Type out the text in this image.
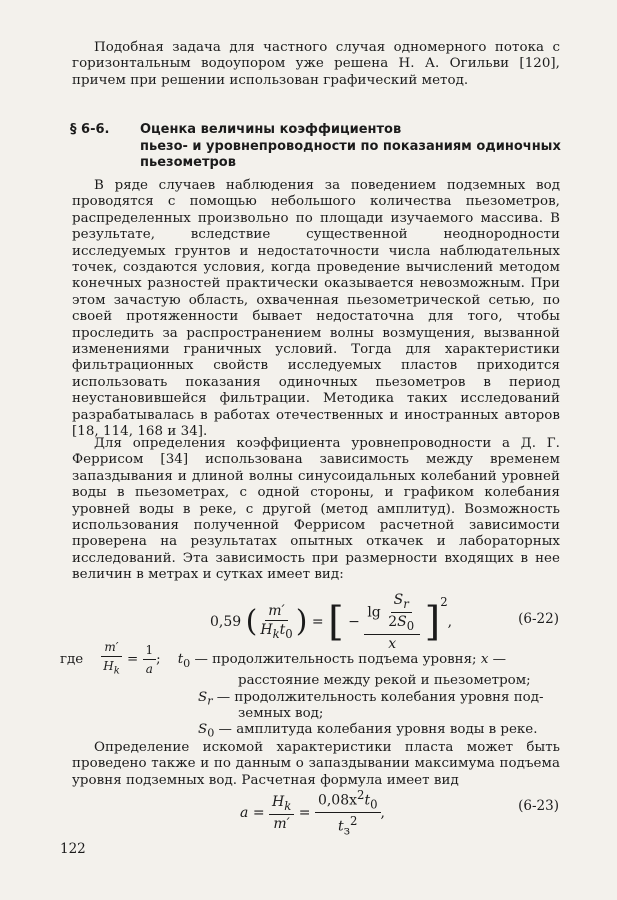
Подобная задача для частного случая одномерного потока с горизонтальным водоупором уже решена Н. А. Огильви [120], причем при решении использован графический метод.

§ 6-6. Оценка величины коэффициентов
пьезо- и уровнепроводности по показаниям одиночных
пьезометров

В ряде случаев наблюдения за поведением подземных вод проводятся с помощью небольшого количества пьезометров, распределенных произвольно по площади изучаемого массива. В результате, вследствие существенной неоднородности исследуемых грунтов и недостаточности числа наблюдательных точек, создаются условия, когда проведение вычислений методом конечных разностей практически оказывается невозможным. При этом зачастую область, охваченная пьезометрической сетью, по своей протяженности бывает недостаточна для того, чтобы проследить за распространением волны возмущения, вызванной изменениями граничных условий. Тогда для характеристики фильтрационных свойств исследуемых пластов приходится использовать показания одиночных пьезометров в период неустановившейся фильтрации. Методика таких исследований разрабатывалась в работах отечественных и иностранных авторов [18, 114, 168 и 34].

Для определения коэффициента уровнепроводности a Д. Г. Феррисом [34] использована зависимость между временем запаздывания и длиной волны синусоидальных колебаний уровней воды в пьезометрах, с одной стороны, и графиком колебания уровней воды в реке, с другой (метод амплитуд). Возможность использования полученной Феррисом расчетной зависимости проверена на результатах опытных откачек и лабораторных исследований. Эта зависимость при размерности входящих в нее величин в метрах и сутках имеет вид:

0,59 ( $\frac{m'}{H_kt_0}$ ) = [ − $\frac{\lg \frac{S_r}{2S_0}}{x} ]^2$,	(6-22)
где $\frac{m'}{H_k} = \frac{1}{a}$ ; $t_0$ — продолжительность подъема уровня; x —
расстояние между рекой и пьезометром;
$S_r$ — продолжительность колебания уровня под-
земных вод;
$S_0$ — амплитуда колебания уровня воды в реке.

Определение искомой характеристики пласта может быть проведено также и по данным о запаздывании максимума подъема уровня подземных вод. Расчетная формула имеет вид

$a = \frac{H_k}{m'} = \frac{0,08x^2t_0}{t_з^2}$ ,	(6-23)
122
